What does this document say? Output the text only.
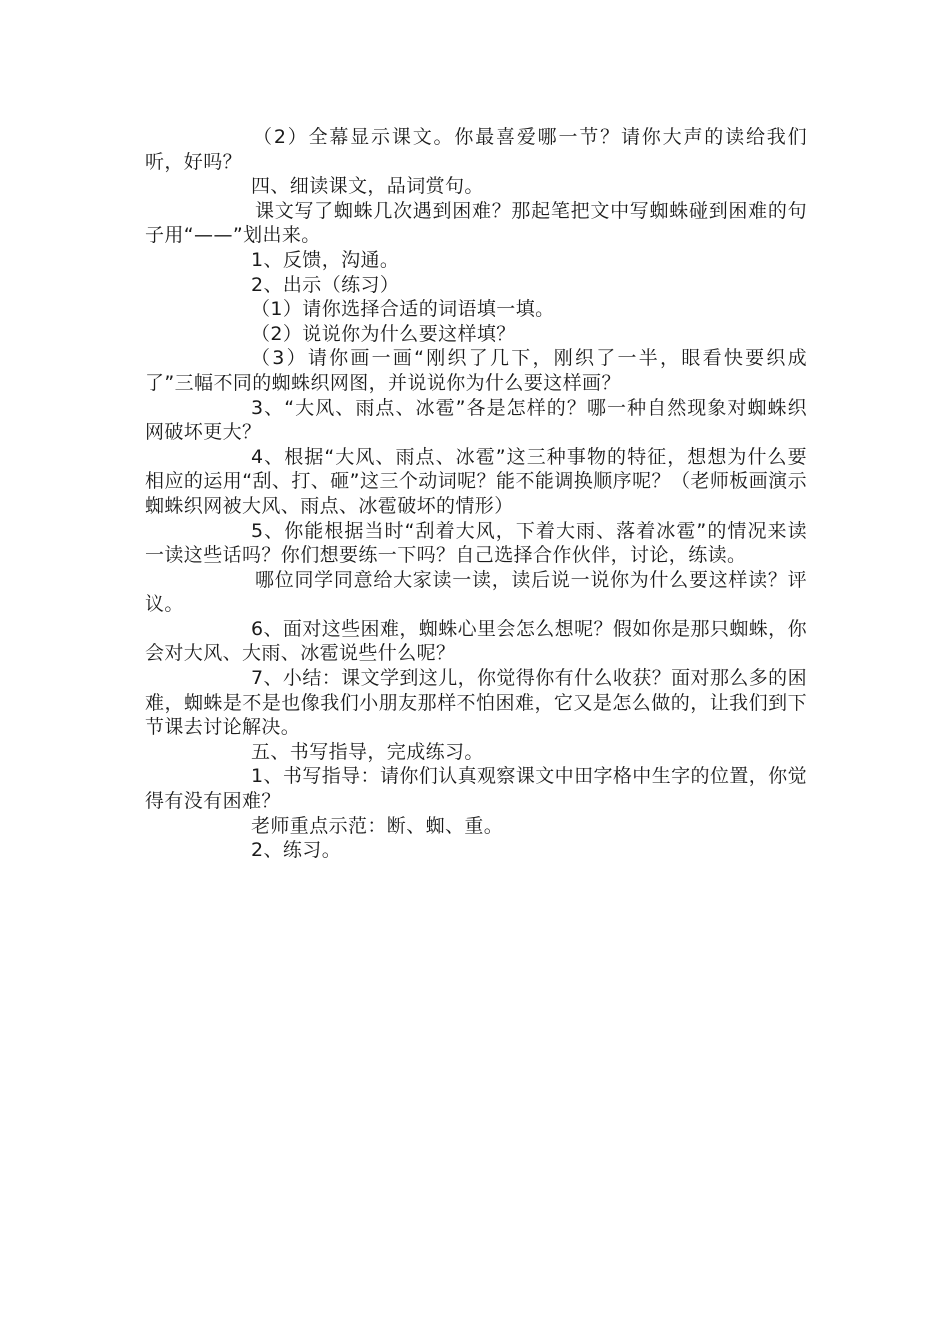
（2）全幕显示课文。你最喜爱哪一节？请你大声的读给我们听，好吗？

四、细读课文，品词赏句。

课文写了蜘蛛几次遇到困难？那起笔把文中写蜘蛛碰到困难的句子用“——”划出来。

1、反馈，沟通。

2、出示（练习）

（1）请你选择合适的词语填一填。

（2）说说你为什么要这样填？

（3）请你画一画“刚织了几下，刚织了一半，眼看快要织成了”三幅不同的蜘蛛织网图，并说说你为什么要这样画？

3、“大风、雨点、冰雹”各是怎样的？哪一种自然现象对蜘蛛织网破坏更大？

4、根据“大风、雨点、冰雹”这三种事物的特征，想想为什么要相应的运用“刮、打、砸”这三个动词呢？能不能调换顺序呢？（老师板画演示蜘蛛织网被大风、雨点、冰雹破坏的情形）

5、你能根据当时“刮着大风，下着大雨、落着冰雹”的情况来读一读这些话吗？你们想要练一下吗？自己选择合作伙伴，讨论，练读。

哪位同学同意给大家读一读，读后说一说你为什么要这样读？评议。

6、面对这些困难，蜘蛛心里会怎么想呢？假如你是那只蜘蛛，你会对大风、大雨、冰雹说些什么呢？

7、小结：课文学到这儿，你觉得你有什么收获？面对那么多的困难，蜘蛛是不是也像我们小朋友那样不怕困难，它又是怎么做的，让我们到下节课去讨论解决。

五、书写指导，完成练习。

1、书写指导：请你们认真观察课文中田字格中生字的位置，你觉得有没有困难？

老师重点示范：断、蜘、重。

2、练习。
